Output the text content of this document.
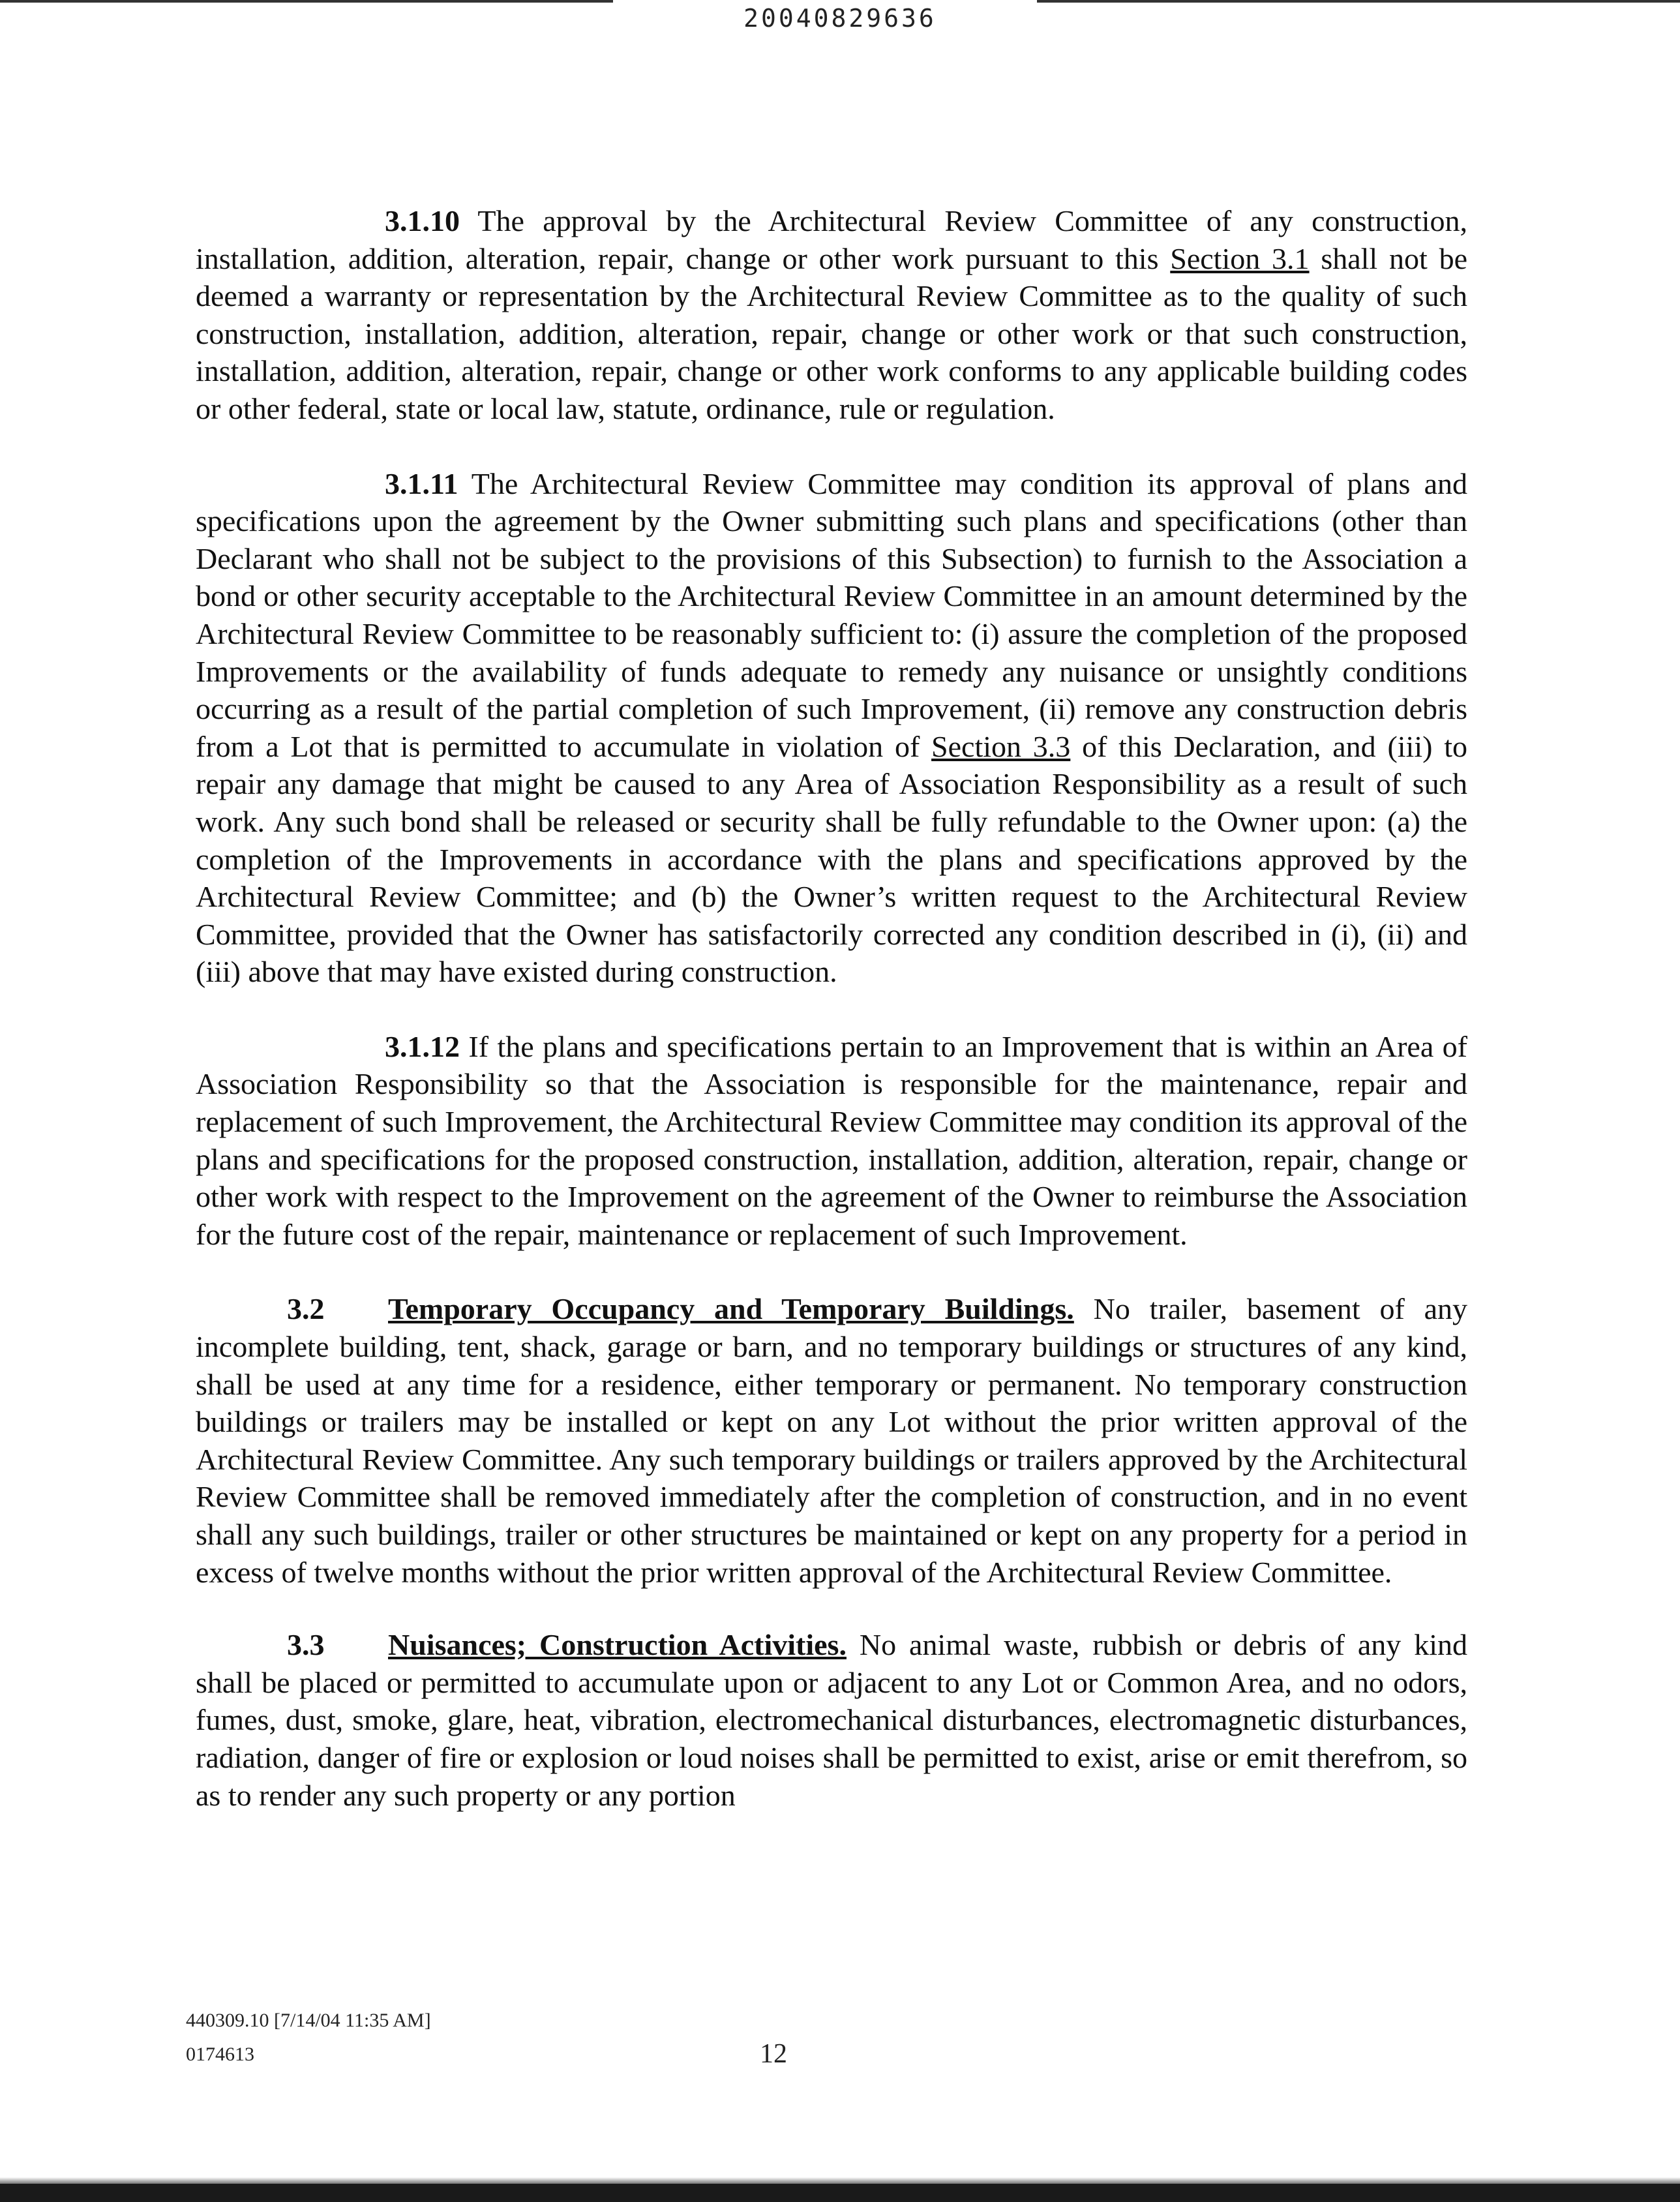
20040829636

3.1.10 The approval by the Architectural Review Committee of any construction, installation, addition, alteration, repair, change or other work pursuant to this Section 3.1 shall not be deemed a warranty or representation by the Architectural Review Committee as to the quality of such construction, installation, addition, alteration, repair, change or other work or that such construction, installation, addition, alteration, repair, change or other work conforms to any applicable building codes or other federal, state or local law, statute, ordinance, rule or regulation.

3.1.11 The Architectural Review Committee may condition its approval of plans and specifications upon the agreement by the Owner submitting such plans and specifications (other than Declarant who shall not be subject to the provisions of this Subsection) to furnish to the Association a bond or other security acceptable to the Architectural Review Committee in an amount determined by the Architectural Review Committee to be reasonably sufficient to: (i) assure the completion of the proposed Improvements or the availability of funds adequate to remedy any nuisance or unsightly conditions occurring as a result of the partial completion of such Improvement, (ii) remove any construction debris from a Lot that is permitted to accumulate in violation of Section 3.3 of this Declaration, and (iii) to repair any damage that might be caused to any Area of Association Responsibility as a result of such work. Any such bond shall be released or security shall be fully refundable to the Owner upon: (a) the completion of the Improvements in accordance with the plans and specifications approved by the Architectural Review Committee; and (b) the Owner’s written request to the Architectural Review Committee, provided that the Owner has satisfactorily corrected any condition described in (i), (ii) and (iii) above that may have existed during construction.

3.1.12 If the plans and specifications pertain to an Improvement that is within an Area of Association Responsibility so that the Association is responsible for the maintenance, repair and replacement of such Improvement, the Architectural Review Committee may condition its approval of the plans and specifications for the proposed construction, installation, addition, alteration, repair, change or other work with respect to the Improvement on the agreement of the Owner to reimburse the Association for the future cost of the repair, maintenance or replacement of such Improvement.

3.2 Temporary Occupancy and Temporary Buildings. No trailer, basement of any incomplete building, tent, shack, garage or barn, and no temporary buildings or structures of any kind, shall be used at any time for a residence, either temporary or permanent. No temporary construction buildings or trailers may be installed or kept on any Lot without the prior written approval of the Architectural Review Committee. Any such temporary buildings or trailers approved by the Architectural Review Committee shall be removed immediately after the completion of construction, and in no event shall any such buildings, trailer or other structures be maintained or kept on any property for a period in excess of twelve months without the prior written approval of the Architectural Review Committee.

3.3 Nuisances; Construction Activities. No animal waste, rubbish or debris of any kind shall be placed or permitted to accumulate upon or adjacent to any Lot or Common Area, and no odors, fumes, dust, smoke, glare, heat, vibration, electromechanical disturbances, electromagnetic disturbances, radiation, danger of fire or explosion or loud noises shall be permitted to exist, arise or emit therefrom, so as to render any such property or any portion

440309.10 [7/14/04 11:35 AM]
0174613	12
